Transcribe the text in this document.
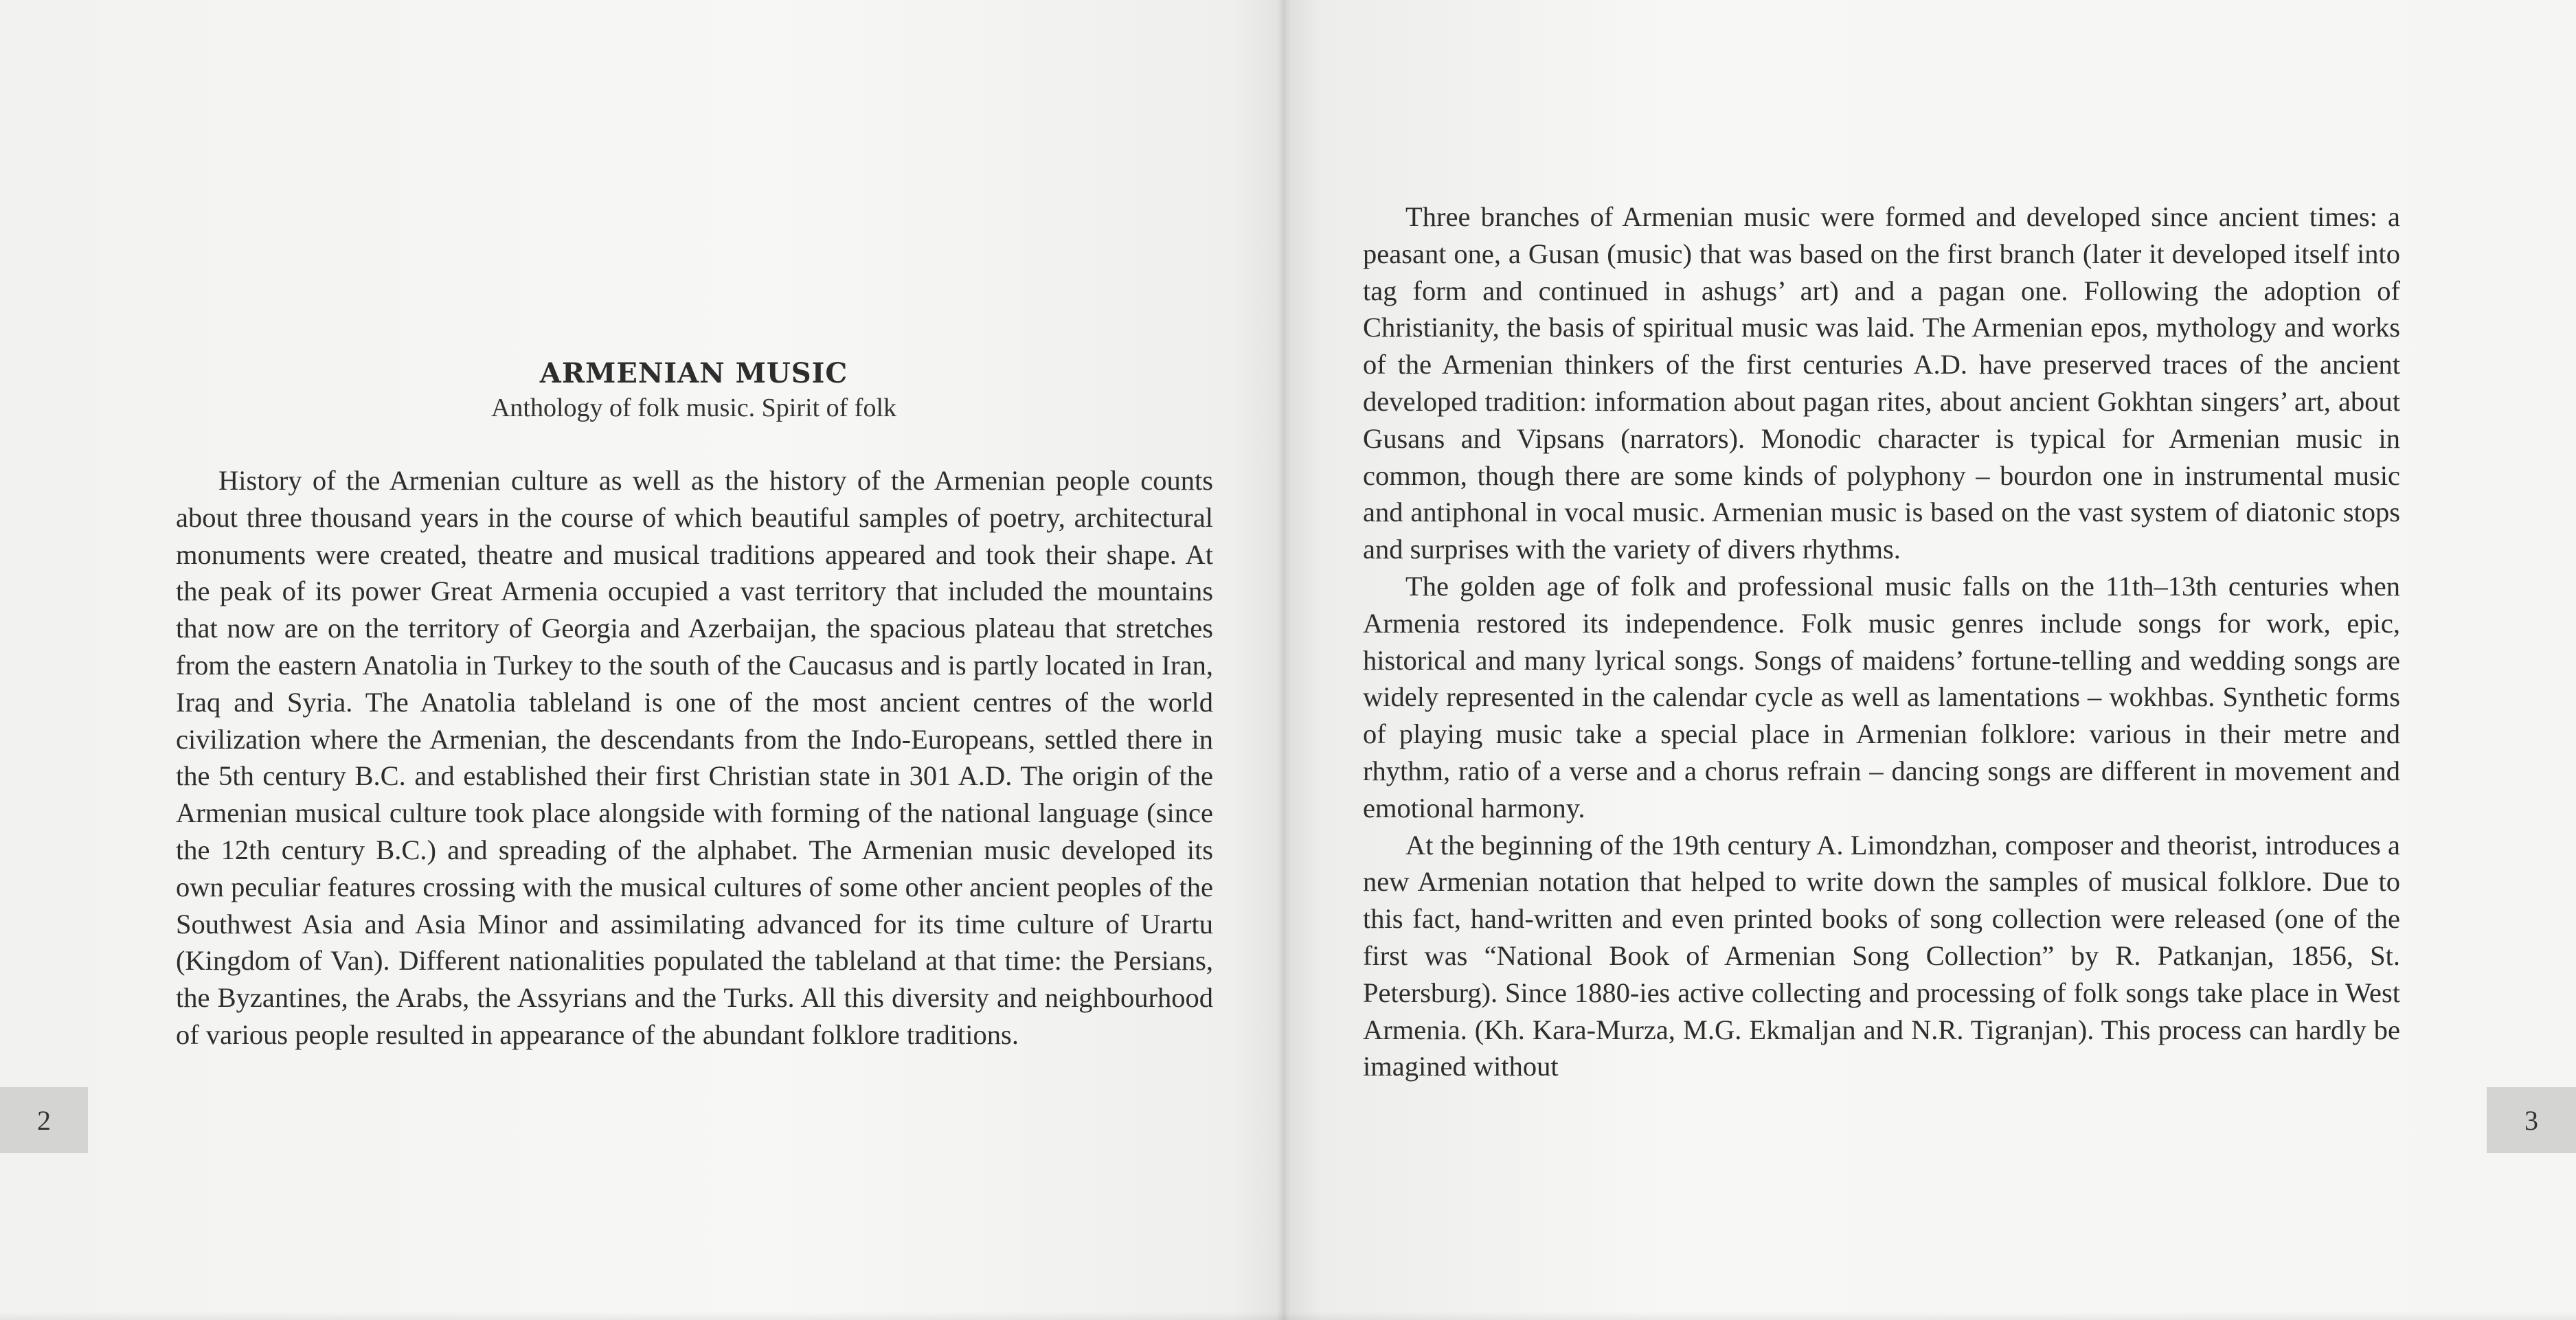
ARMENIAN MUSIC
Anthology of folk music. Spirit of folk

History of the Armenian culture as well as the history of the Armenian people counts about three thousand years in the course of which beautiful samples of poetry, architectural monuments were created, theatre and musical traditions appeared and took their shape. At the peak of its power Great Armenia occupied a vast territory that included the mountains that now are on the territory of Georgia and Azerbaijan, the spacious plateau that stretches from the eastern Anatolia in Turkey to the south of the Caucasus and is partly located in Iran, Iraq and Syria. The Anatolia tableland is one of the most ancient centres of the world civilization where the Armenian, the descendants from the Indo-Europeans, settled there in the 5th century B.C. and established their first Christian state in 301 A.D. The origin of the Armenian musical culture took place alongside with forming of the national language (since the 12th century B.C.) and spreading of the alphabet. The Armenian music developed its own peculiar features crossing with the musical cultures of some other ancient peoples of the Southwest Asia and Asia Minor and assimilating advanced for its time culture of Urartu (Kingdom of Van). Different nationalities populated the tableland at that time: the Persians, the Byzantines, the Arabs, the Assyrians and the Turks. All this diversity and neighbourhood of various people resulted in appearance of the abundant folklore traditions.

2

Three branches of Armenian music were formed and developed since ancient times: a peasant one, a Gusan (music) that was based on the first branch (later it developed itself into tag form and continued in ashugs’ art) and a pagan one. Following the adoption of Christianity, the basis of spiritual music was laid. The Armenian epos, mythology and works of the Armenian thinkers of the first centuries A.D. have preserved traces of the ancient developed tradition: information about pagan rites, about ancient Gokhtan singers’ art, about Gusans and Vipsans (narrators). Monodic character is typical for Armenian music in common, though there are some kinds of polyphony – bourdon one in instrumental music and antiphonal in vocal music. Armenian music is based on the vast system of diatonic stops and surprises with the variety of divers rhythms.

The golden age of folk and professional music falls on the 11th–13th centuries when Armenia restored its independence. Folk music genres include songs for work, epic, historical and many lyrical songs. Songs of maidens’ fortune-telling and wedding songs are widely represented in the calendar cycle as well as lamentations – wokhbas. Synthetic forms of playing music take a special place in Armenian folklore: various in their metre and rhythm, ratio of a verse and a chorus refrain – dancing songs are different in movement and emotional harmony.

At the beginning of the 19th century A. Limondzhan, composer and theorist, introduces a new Armenian notation that helped to write down the samples of musical folklore. Due to this fact, hand-written and even printed books of song collection were released (one of the first was “National Book of Armenian Song Collection” by R. Patkanjan, 1856, St. Petersburg). Since 1880-ies active collecting and processing of folk songs take place in West Armenia. (Kh. Kara-Murza, M.G. Ekmaljan and N.R. Tigranjan). This process can hardly be imagined without

3
